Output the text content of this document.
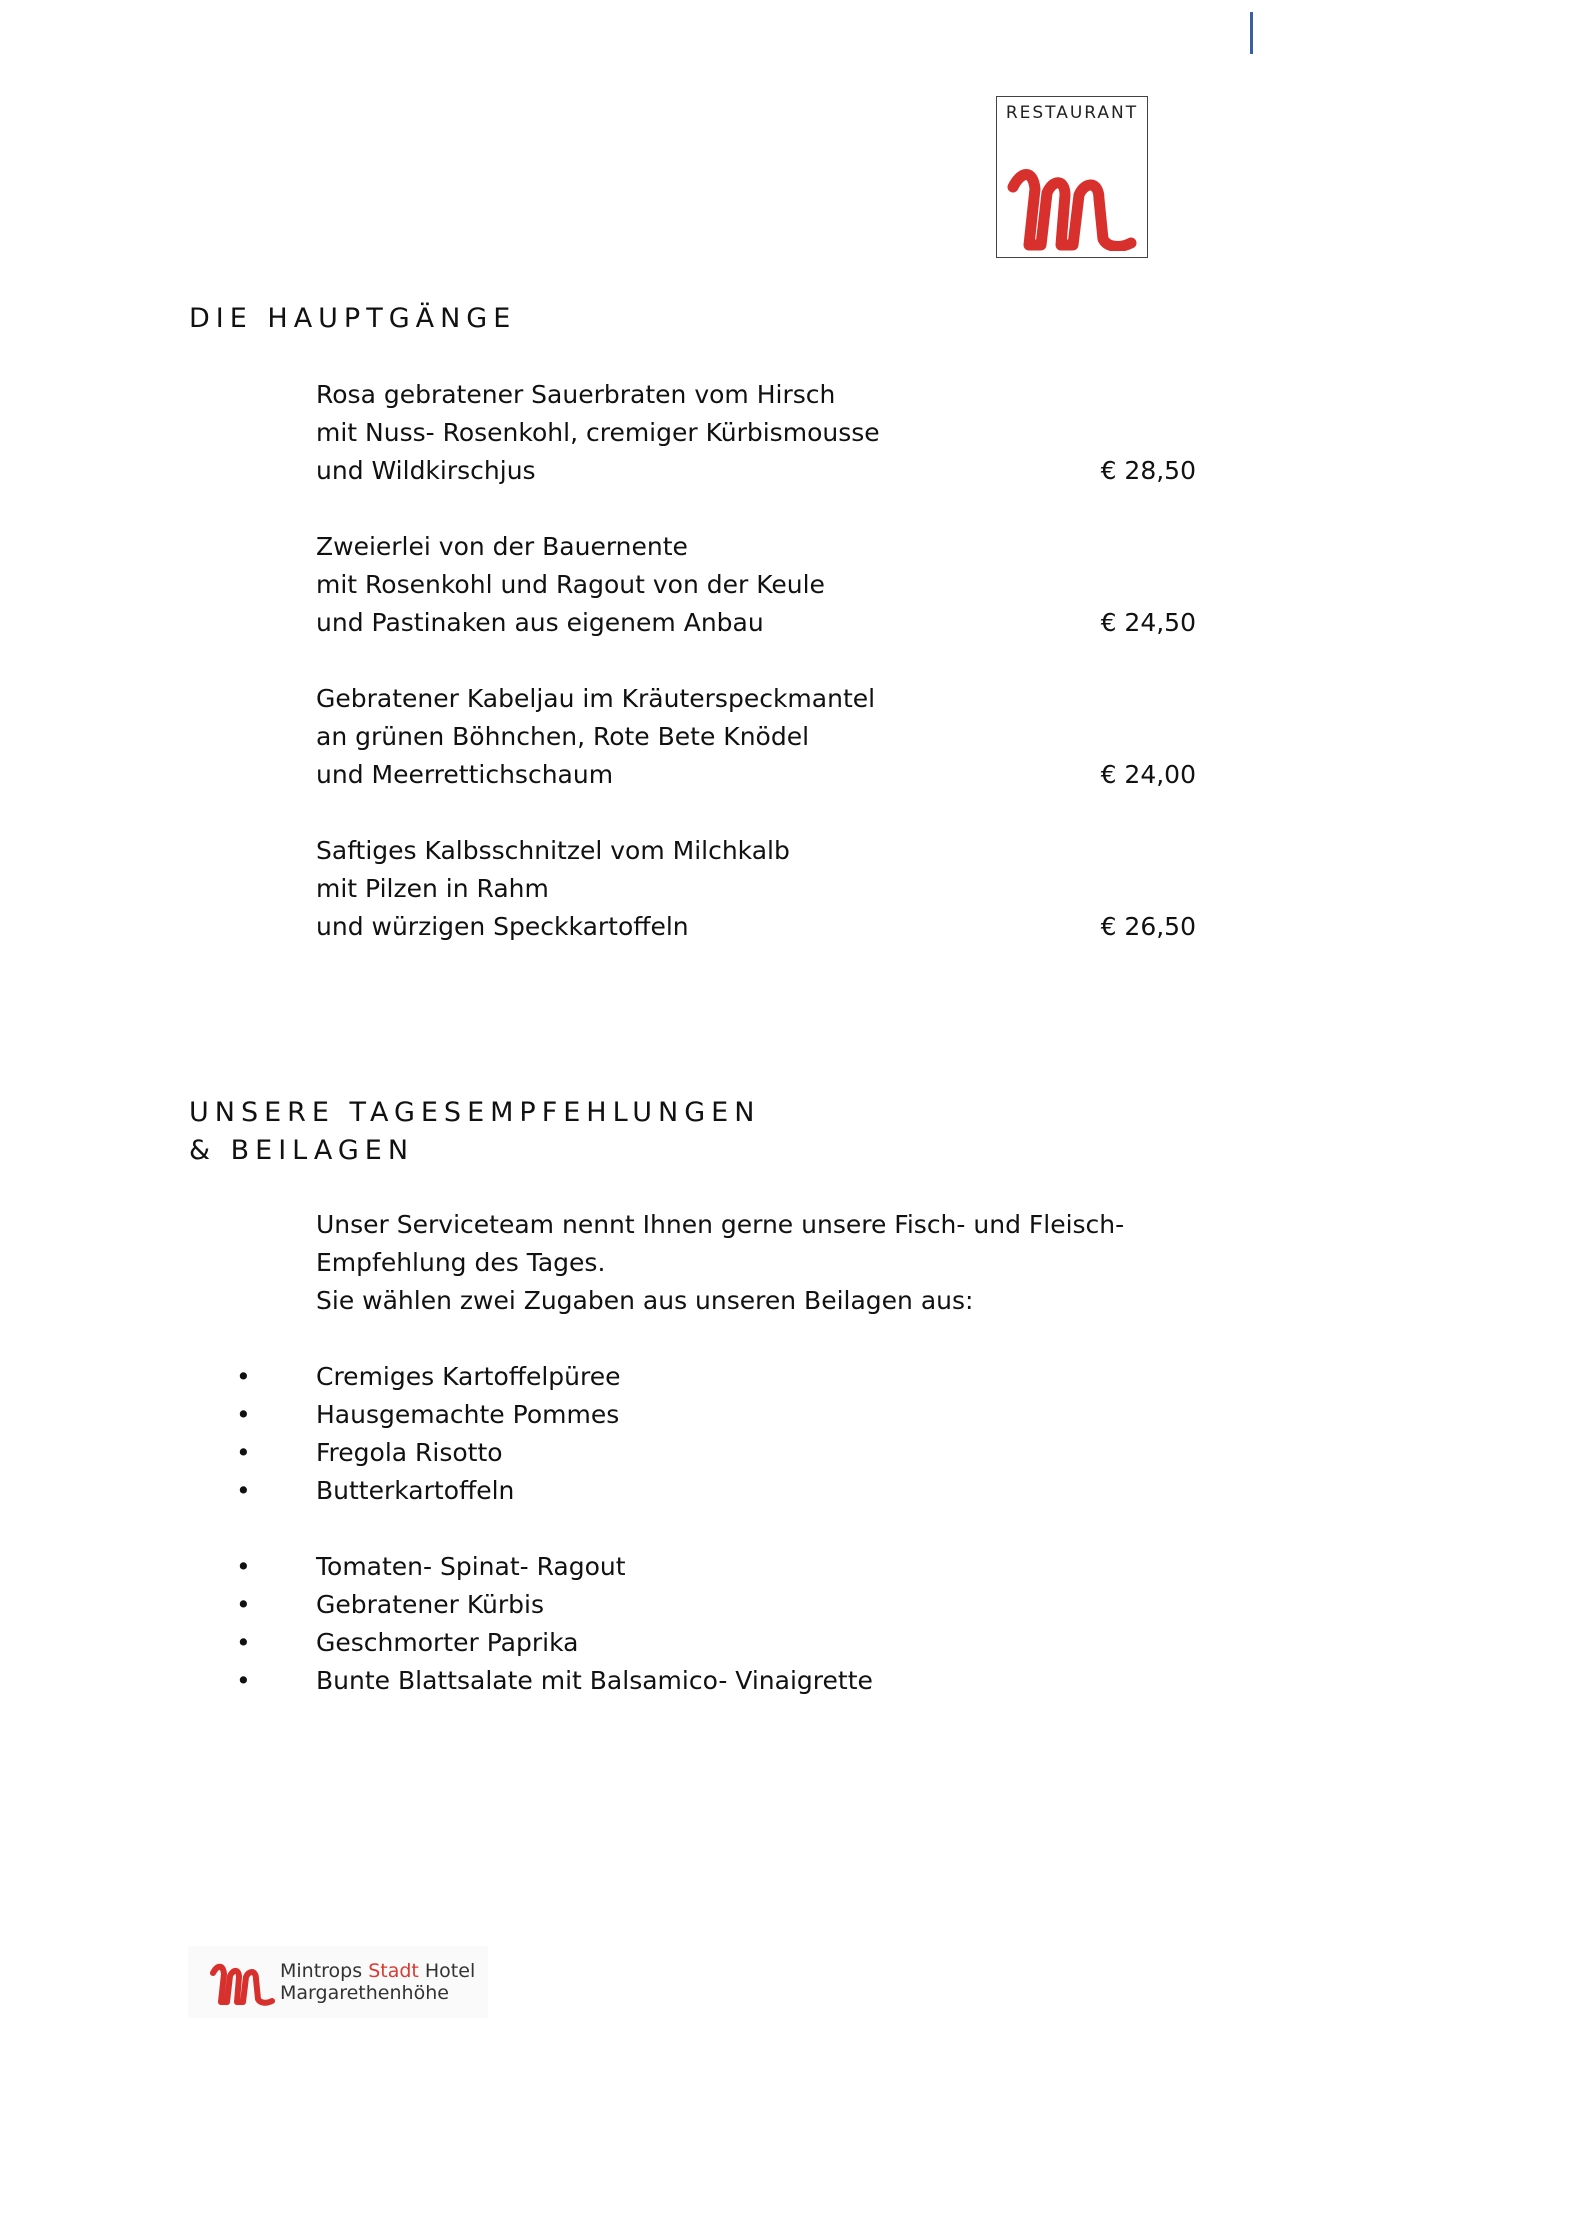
RESTAURANT
DIE HAUPTGÄNGE
Rosa gebratener Sauerbraten vom Hirsch
mit Nuss- Rosenkohl, cremiger Kürbismousse
und Wildkirschjus	€ 28,50
Zweierlei von der Bauernente
mit Rosenkohl und Ragout von der Keule
und Pastinaken aus eigenem Anbau	€ 24,50
Gebratener Kabeljau im Kräuterspeckmantel
an grünen Böhnchen, Rote Bete Knödel
und Meerrettichschaum	€ 24,00
Saftiges Kalbsschnitzel vom Milchkalb
mit Pilzen in Rahm
und würzigen Speckkartoffeln	€ 26,50
UNSERE TAGESEMPFEHLUNGEN
& BEILAGEN
Unser Serviceteam nennt Ihnen gerne unsere Fisch- und Fleisch-
Empfehlung des Tages.
Sie wählen zwei Zugaben aus unseren Beilagen aus:
•	Cremiges Kartoffelpüree
•	Hausgemachte Pommes
•	Fregola Risotto
•	Butterkartoffeln
•	Tomaten- Spinat- Ragout
•	Gebratener Kürbis
•	Geschmorter Paprika
•	Bunte Blattsalate mit Balsamico- Vinaigrette
Mintrops Stadt Hotel
Margarethenhöhe
